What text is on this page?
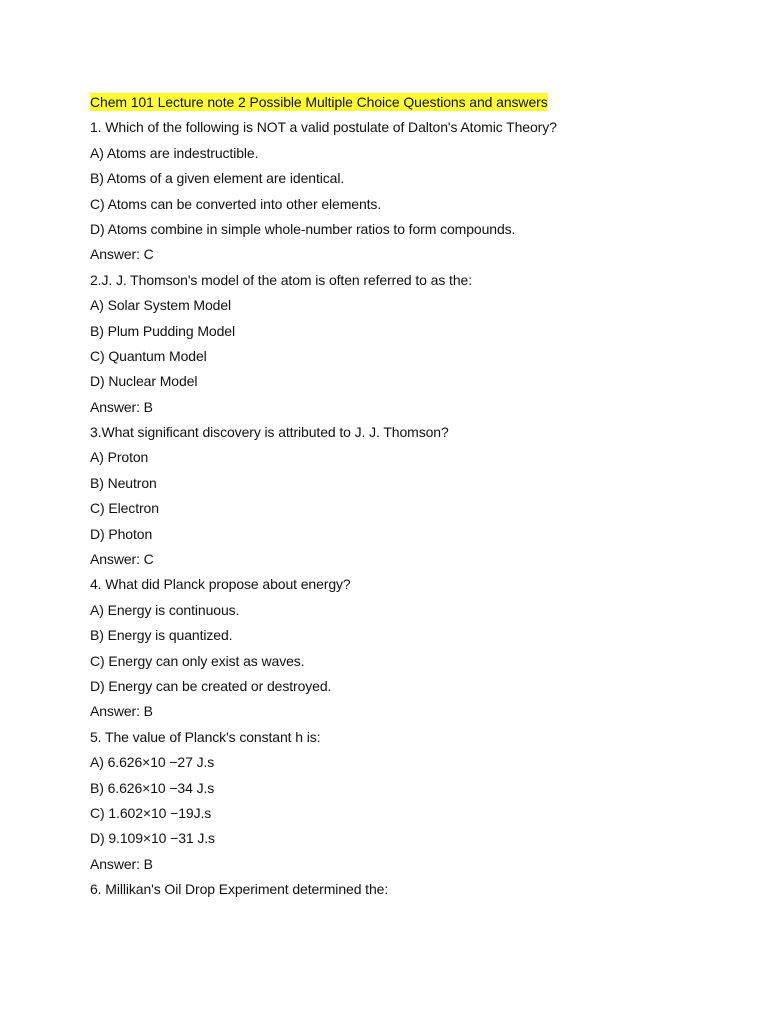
Chem 101 Lecture note 2 Possible Multiple Choice Questions and answers
1. Which of the following is NOT a valid postulate of Dalton's Atomic Theory?
A) Atoms are indestructible.
B) Atoms of a given element are identical.
C) Atoms can be converted into other elements.
D) Atoms combine in simple whole-number ratios to form compounds.
Answer: C
2.J. J. Thomson's model of the atom is often referred to as the:
A) Solar System Model
B) Plum Pudding Model
C) Quantum Model
D) Nuclear Model
Answer: B
3.What significant discovery is attributed to J. J. Thomson?
A) Proton
B) Neutron
C) Electron
D) Photon
Answer: C
4. What did Planck propose about energy?
A) Energy is continuous.
B) Energy is quantized.
C) Energy can only exist as waves.
D) Energy can be created or destroyed.
Answer: B
5. The value of Planck's constant h is:
A) 6.626×10 −27 J.s
B) 6.626×10 −34 J.s
C) 1.602×10 −19J.s
D) 9.109×10 −31 J.s
Answer: B
6. Millikan's Oil Drop Experiment determined the:
